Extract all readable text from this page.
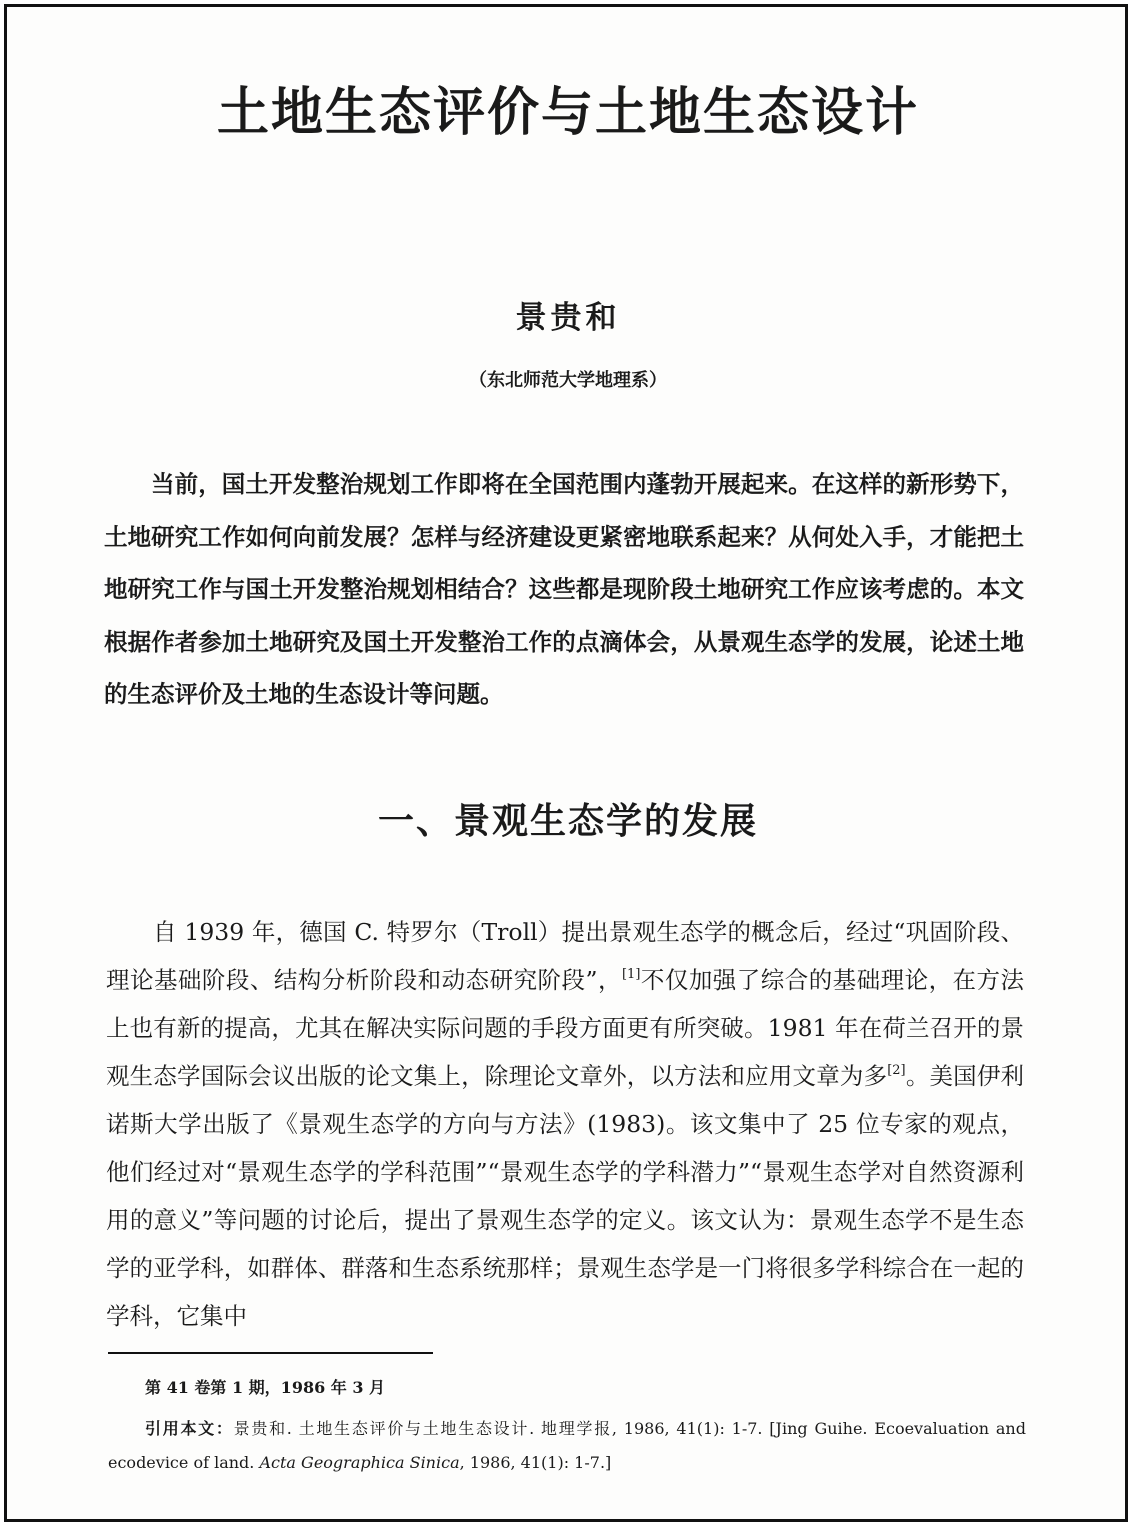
土地生态评价与土地生态设计
景贵和
（东北师范大学地理系）

当前，国土开发整治规划工作即将在全国范围内蓬勃开展起来。在这样的新形势下，土地研究工作如何向前发展？怎样与经济建设更紧密地联系起来？从何处入手，才能把土地研究工作与国土开发整治规划相结合？这些都是现阶段土地研究工作应该考虑的。本文根据作者参加土地研究及国土开发整治工作的点滴体会，从景观生态学的发展，论述土地的生态评价及土地的生态设计等问题。

一、景观生态学的发展

自 1939 年，德国 C. 特罗尔（Troll）提出景观生态学的概念后，经过“巩固阶段、理论基础阶段、结构分析阶段和动态研究阶段”，[1]不仅加强了综合的基础理论，在方法上也有新的提高，尤其在解决实际问题的手段方面更有所突破。1981 年在荷兰召开的景观生态学国际会议出版的论文集上，除理论文章外，以方法和应用文章为多[2]。美国伊利诺斯大学出版了《景观生态学的方向与方法》(1983)。该文集中了 25 位专家的观点，他们经过对“景观生态学的学科范围”“景观生态学的学科潜力”“景观生态学对自然资源利用的意义”等问题的讨论后，提出了景观生态学的定义。该文认为：景观生态学不是生态学的亚学科，如群体、群落和生态系统那样；景观生态学是一门将很多学科综合在一起的学科，它集中

第 41 卷第 1 期，1986 年 3 月

引用本文：景贵和. 土地生态评价与土地生态设计. 地理学报, 1986, 41(1): 1-7. [Jing Guihe. Ecoevaluation and ecodevice of land. Acta Geographica Sinica, 1986, 41(1): 1-7.]
